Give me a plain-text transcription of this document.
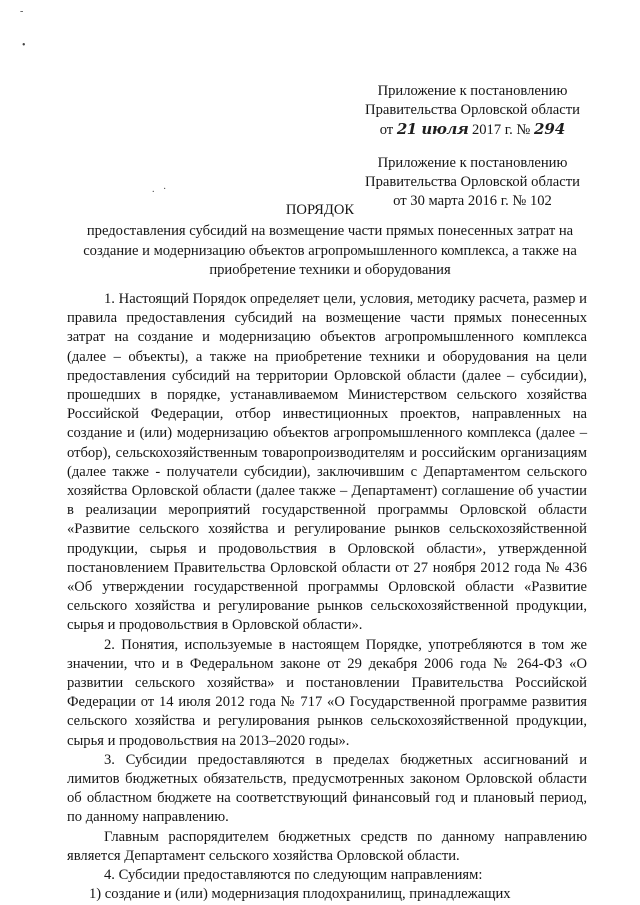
-
•
. ·
Приложение к постановлению
Правительства Орловской области
от 21 июля 2017 г. № 294
Приложение к постановлению
Правительства Орловской области
от 30 марта 2016 г. № 102
ПОРЯДОК
предоставления субсидий на возмещение части прямых понесенных затрат на создание и модернизацию объектов агропромышленного комплекса, а также на приобретение техники и оборудования

1. Настоящий Порядок определяет цели, условия, методику расчета, размер и правила предоставления субсидий на возмещение части прямых понесенных затрат на создание и модернизацию объектов агропромышленного комплекса (далее – объекты), а также на приобретение техники и оборудования на цели предоставления субсидий на территории Орловской области (далее – субсидии), прошедших в порядке, устанавливаемом Министерством сельского хозяйства Российской Федерации, отбор инвестиционных проектов, направленных на создание и (или) модернизацию объектов агропромышленного комплекса (далее – отбор), сельскохозяйственным товаропроизводителям и российским организациям (далее также - получатели субсидии), заключившим с Департаментом сельского хозяйства Орловской области (далее также – Департамент) соглашение об участии в реализации мероприятий государственной программы Орловской области «Развитие сельского хозяйства и регулирование рынков сельскохозяйственной продукции, сырья и продовольствия в Орловской области», утвержденной постановлением Правительства Орловской области от 27 ноября 2012 года № 436 «Об утверждении государственной программы Орловской области «Развитие сельского хозяйства и регулирование рынков сельскохозяйственной продукции, сырья и продовольствия в Орловской области».

2. Понятия, используемые в настоящем Порядке, употребляются в том же значении, что и в Федеральном законе от 29 декабря 2006 года № 264-ФЗ «О развитии сельского хозяйства» и постановлении Правительства Российской Федерации от 14 июля 2012 года № 717 «О Государственной программе развития сельского хозяйства и регулирования рынков сельскохозяйственной продукции, сырья и продовольствия на 2013–2020 годы».

3. Субсидии предоставляются в пределах бюджетных ассигнований и лимитов бюджетных обязательств, предусмотренных законом Орловской области об областном бюджете на соответствующий финансовый год и плановый период, по данному направлению.

Главным распорядителем бюджетных средств по данному направлению является Департамент сельского хозяйства Орловской области.

4. Субсидии предоставляются по следующим направлениям:

1) создание и (или) модернизация плодохранилищ, принадлежащих
